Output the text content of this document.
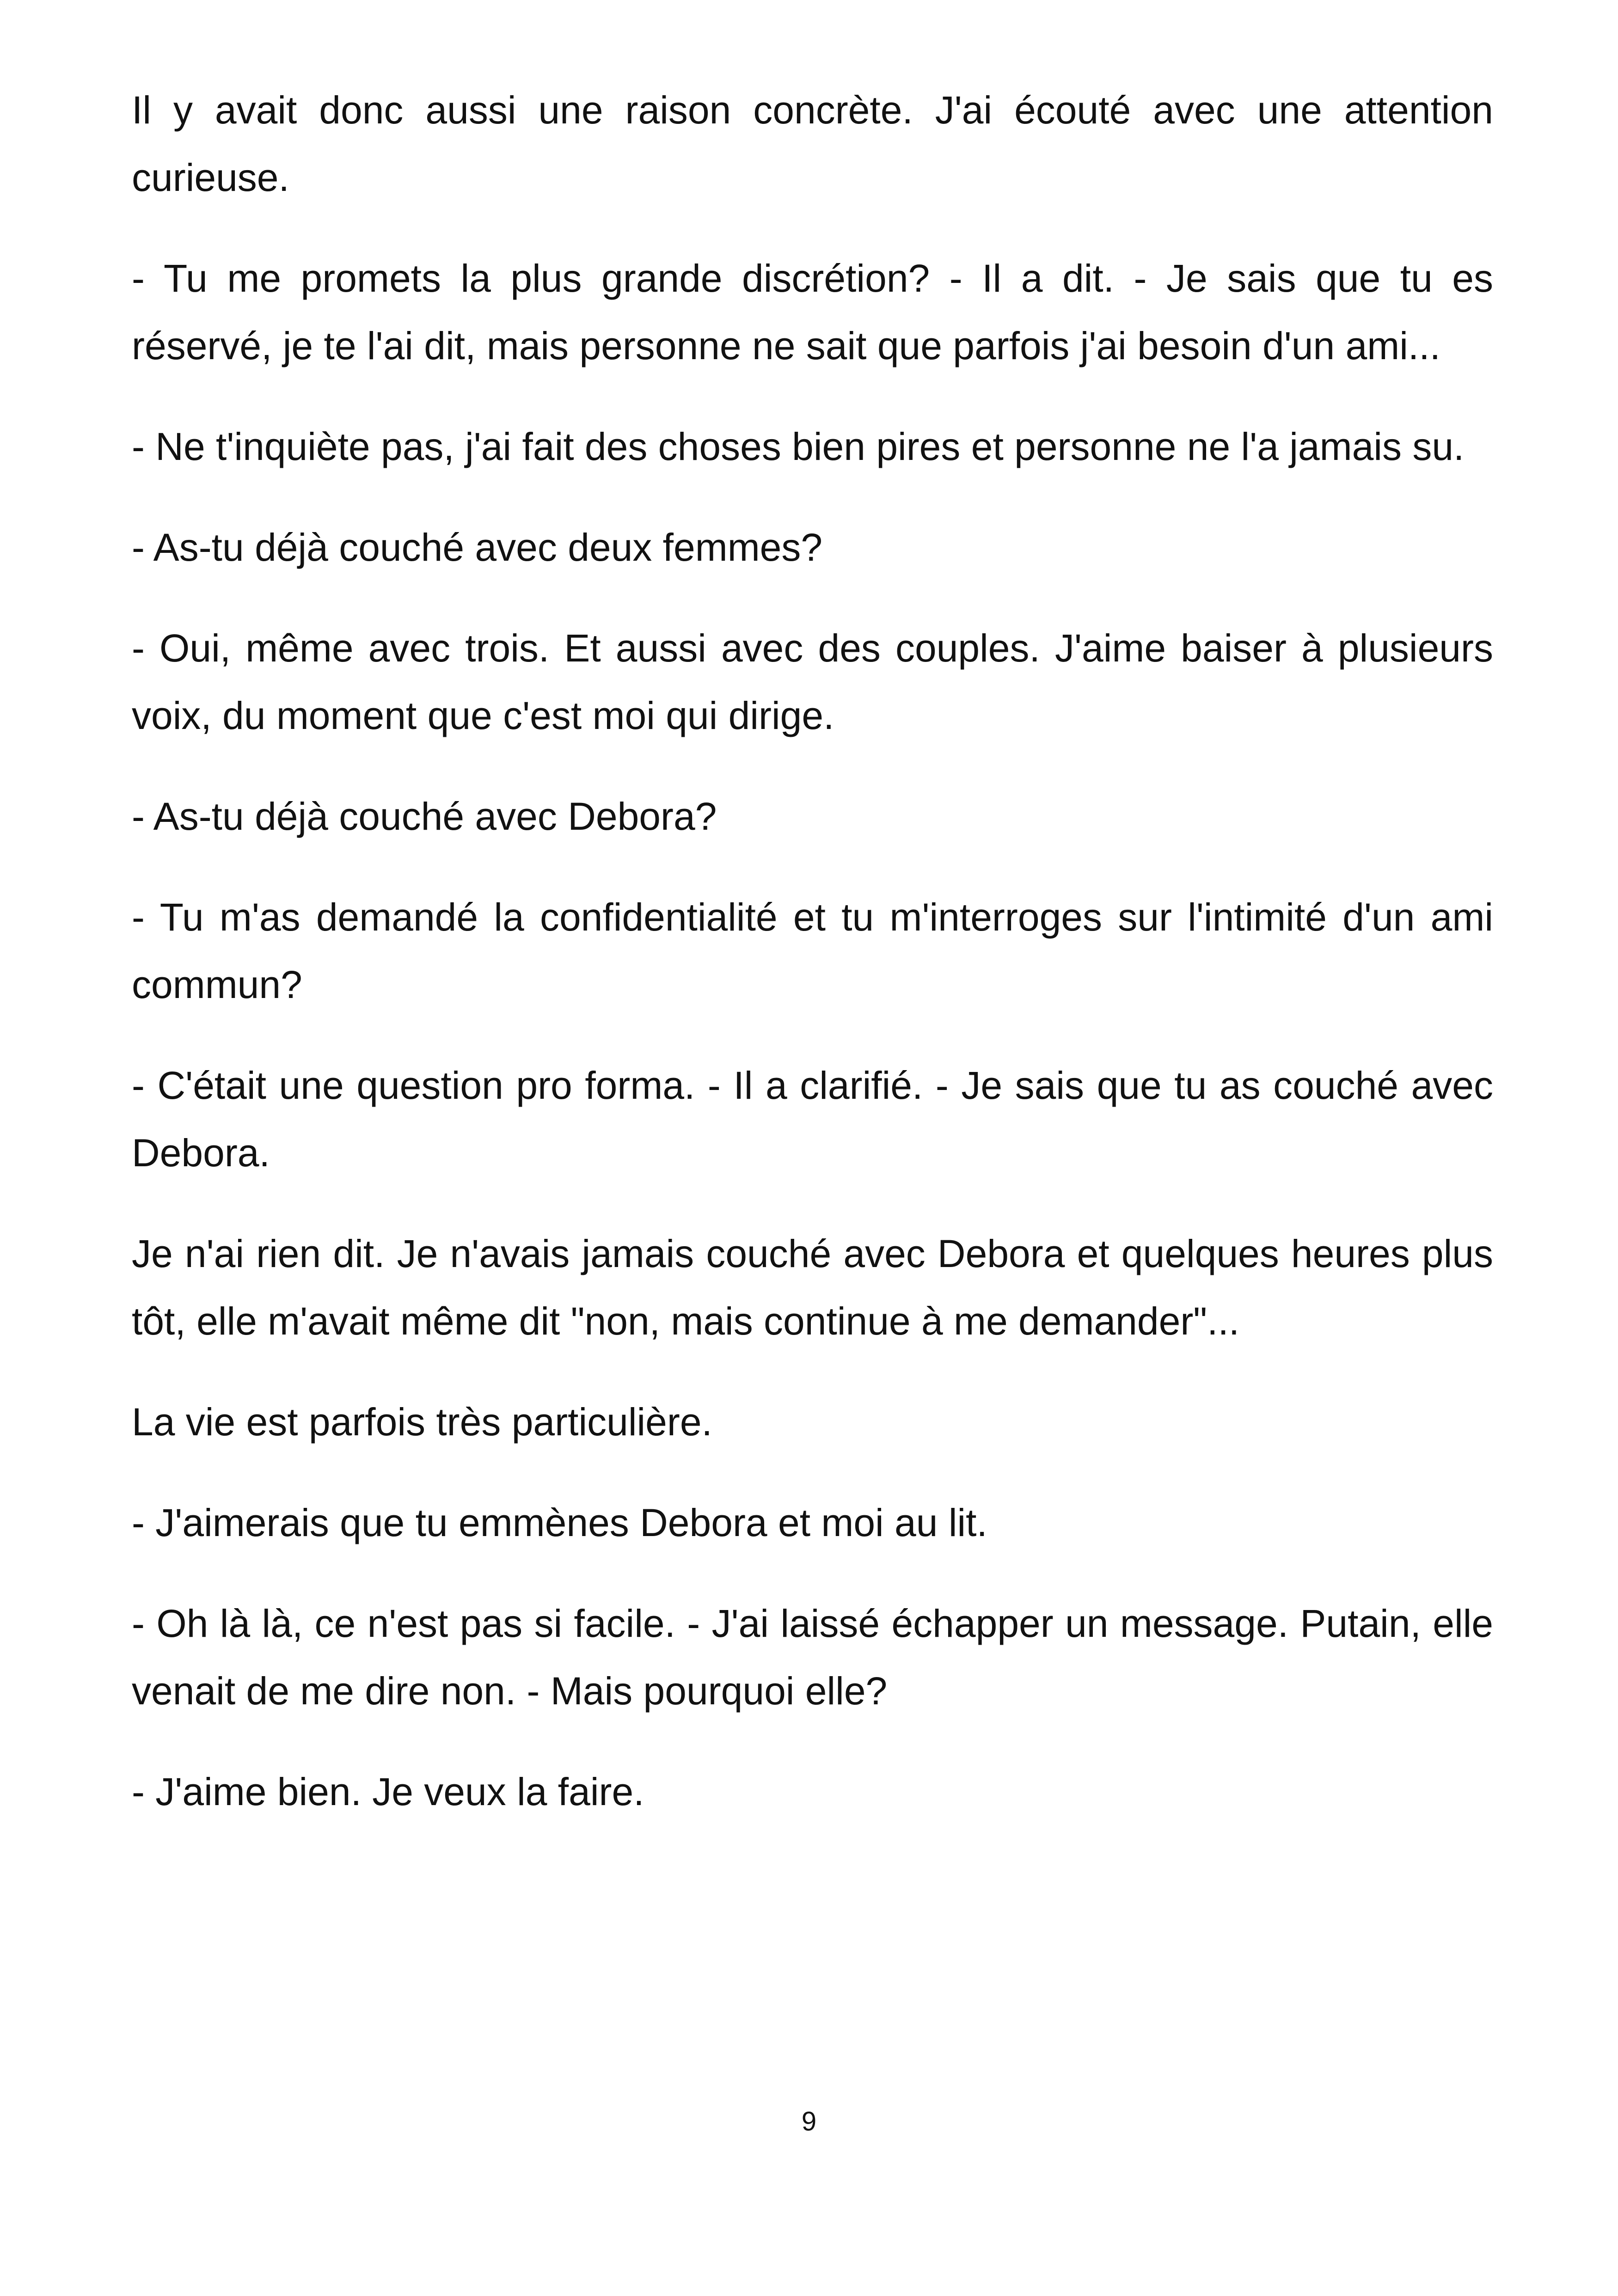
Il y avait donc aussi une raison concrète. J'ai écouté avec une attention curieuse.

- Tu me promets la plus grande discrétion? - Il a dit. - Je sais que tu es réservé, je te l'ai dit, mais personne ne sait que parfois j'ai besoin d'un ami...

- Ne t'inquiète pas, j'ai fait des choses bien pires et personne ne l'a jamais su.

- As-tu déjà couché avec deux femmes?

- Oui, même avec trois. Et aussi avec des couples. J'aime baiser à plusieurs voix, du moment que c'est moi qui dirige.

- As-tu déjà couché avec Debora?

- Tu m'as demandé la confidentialité et tu m'interroges sur l'intimité d'un ami commun?

- C'était une question pro forma. - Il a clarifié. - Je sais que tu as couché avec Debora.

Je n'ai rien dit. Je n'avais jamais couché avec Debora et quelques heures plus tôt, elle m'avait même dit "non, mais continue à me demander"...

La vie est parfois très particulière.

- J'aimerais que tu emmènes Debora et moi au lit.

- Oh là là, ce n'est pas si facile. - J'ai laissé échapper un message. Putain, elle venait de me dire non. - Mais pourquoi elle?

- J'aime bien. Je veux la faire.

9
